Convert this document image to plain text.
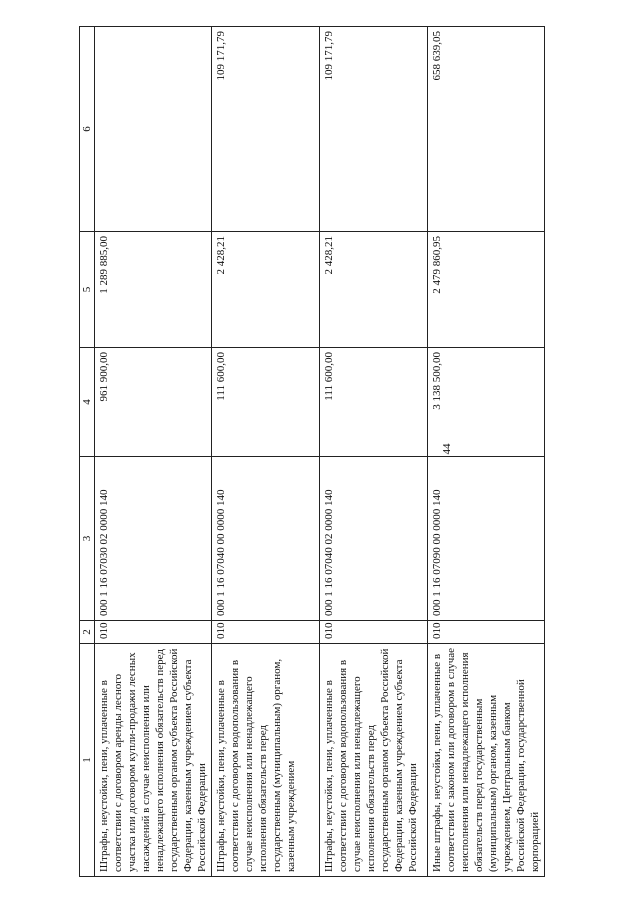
44
1	2	3	4	5	6
Штрафы, неустойки, пени, уплаченные в соответствии с договором аренды лесного участка или договором купли-продажи лесных насаждений в случае неисполнения или ненадлежащего исполнения обязательств перед государственным органом субъекта Российской Федерации, казенным учреждением субъекта Российской Федерации	010	000 1 16 07030 02 0000 140	961 900,00	1 289 885,00	
Штрафы, неустойки, пени, уплаченные в соответствии с договором водопользования в случае неисполнения или ненадлежащего исполнения обязательств перед государственным (муниципальным) органом, казенным учреждением	010	000 1 16 07040 00 0000 140	111 600,00	2 428,21	109 171,79
Штрафы, неустойки, пени, уплаченные в соответствии с договором водопользования в случае неисполнения или ненадлежащего исполнения обязательств перед государственным органом субъекта Российской Федерации, казенным учреждением субъекта Российской Федерации	010	000 1 16 07040 02 0000 140	111 600,00	2 428,21	109 171,79
Иные штрафы, неустойки, пени, уплаченные в соответствии с законом или договором в случае неисполнения или ненадлежащего исполнения обязательств перед государственным (муниципальным) органом, казенным учреждением, Центральным банком Российской Федерации, государственной корпорацией	010	000 1 16 07090 00 0000 140	3 138 500,00	2 479 860,95	658 639,05
